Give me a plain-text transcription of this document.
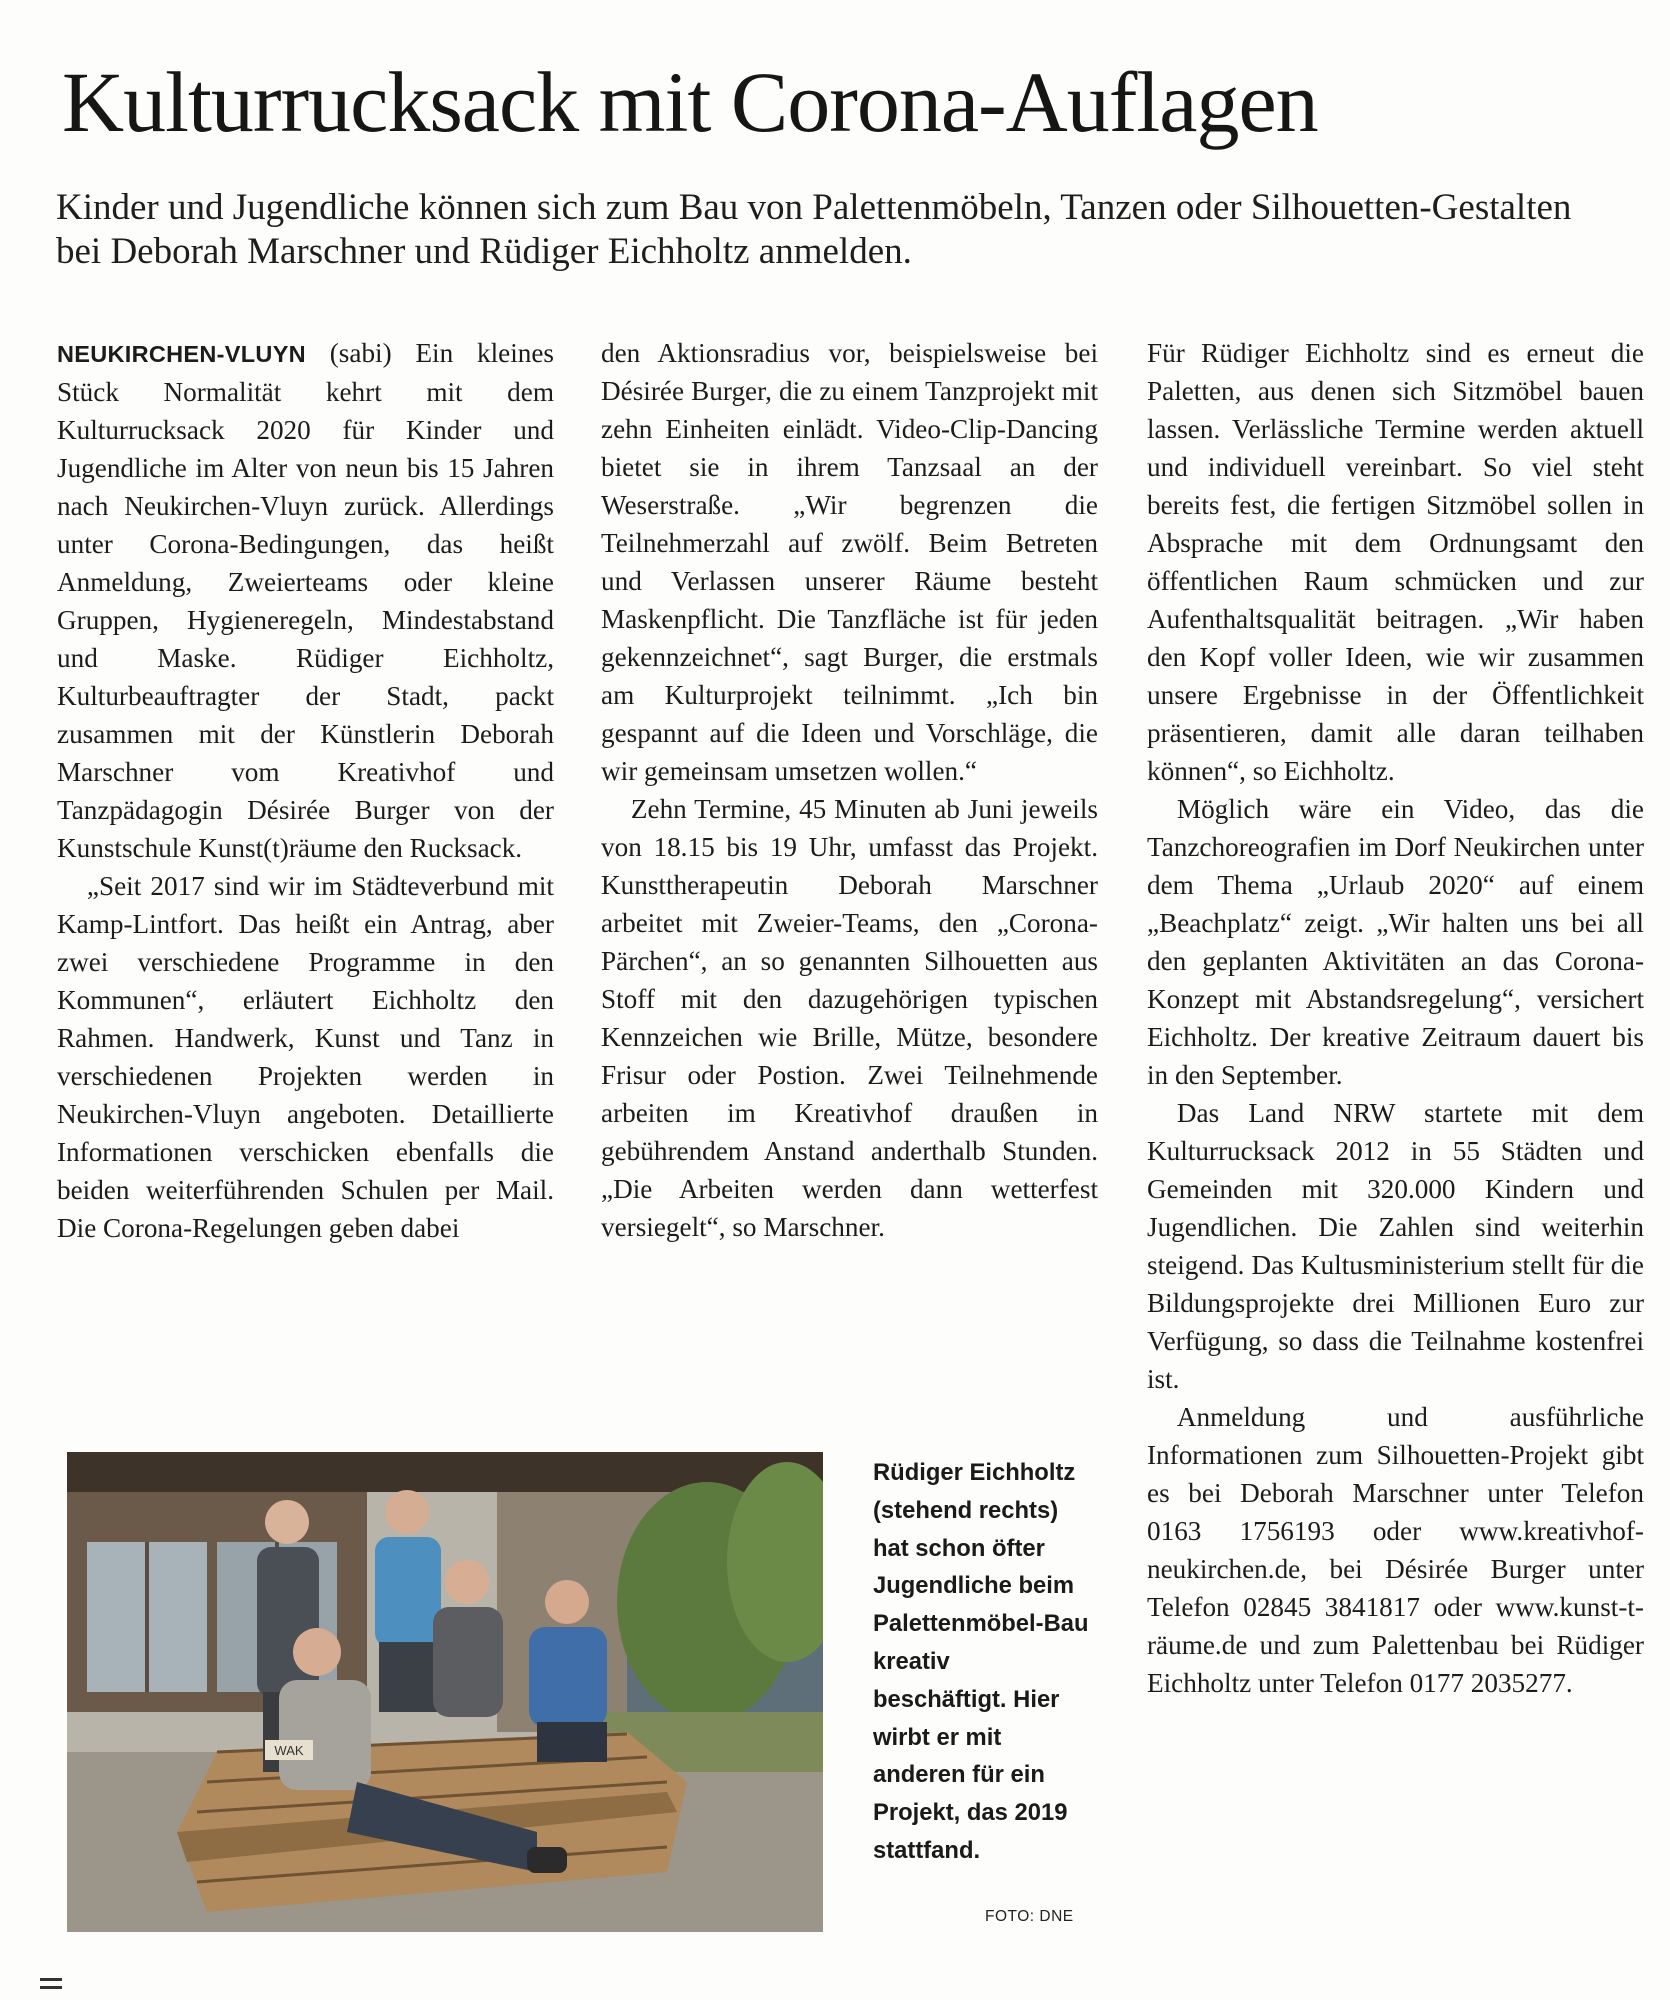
Kulturrucksack mit Corona-Auflagen

Kinder und Jugendliche können sich zum Bau von Palettenmöbeln, Tanzen oder Silhouetten-Gestalten bei Deborah Marschner und Rüdiger Eichholtz anmelden.

NEUKIRCHEN-VLUYN (sabi) Ein kleines Stück Normalität kehrt mit dem Kulturrucksack 2020 für Kinder und Jugendliche im Alter von neun bis 15 Jahren nach Neukirchen-Vluyn zurück. Allerdings unter Corona-Bedingungen, das heißt Anmeldung, Zweierteams oder kleine Gruppen, Hygieneregeln, Mindestabstand und Maske. Rüdiger Eichholtz, Kulturbeauftragter der Stadt, packt zusammen mit der Künstlerin Deborah Marschner vom Kreativhof und Tanzpädagogin Désirée Burger von der Kunstschule Kunst(t)räume den Rucksack.

„Seit 2017 sind wir im Städteverbund mit Kamp-Lintfort. Das heißt ein Antrag, aber zwei verschiedene Programme in den Kommunen“, erläutert Eichholtz den Rahmen. Handwerk, Kunst und Tanz in verschiedenen Projekten werden in Neukirchen-Vluyn angeboten. Detaillierte Informationen verschicken ebenfalls die beiden weiterführenden Schulen per Mail. Die Corona-Regelungen geben dabei

den Aktionsradius vor, beispielsweise bei Désirée Burger, die zu einem Tanzprojekt mit zehn Einheiten einlädt. Video-Clip-Dancing bietet sie in ihrem Tanzsaal an der Weserstraße. „Wir begrenzen die Teilnehmerzahl auf zwölf. Beim Betreten und Verlassen unserer Räume besteht Maskenpflicht. Die Tanzfläche ist für jeden gekennzeichnet“, sagt Burger, die erstmals am Kulturprojekt teilnimmt. „Ich bin gespannt auf die Ideen und Vorschläge, die wir gemeinsam umsetzen wollen.“

Zehn Termine, 45 Minuten ab Juni jeweils von 18.15 bis 19 Uhr, umfasst das Projekt. Kunsttherapeutin Deborah Marschner arbeitet mit Zweier-Teams, den „Corona-Pärchen“, an so genannten Silhouetten aus Stoff mit den dazugehörigen typischen Kennzeichen wie Brille, Mütze, besondere Frisur oder Postion. Zwei Teilnehmende arbeiten im Kreativhof draußen in gebührendem Anstand anderthalb Stunden. „Die Arbeiten werden dann wetterfest versiegelt“, so Marschner.

Für Rüdiger Eichholtz sind es erneut die Paletten, aus denen sich Sitzmöbel bauen lassen. Verlässliche Termine werden aktuell und individuell vereinbart. So viel steht bereits fest, die fertigen Sitzmöbel sollen in Absprache mit dem Ordnungsamt den öffentlichen Raum schmücken und zur Aufenthaltsqualität beitragen. „Wir haben den Kopf voller Ideen, wie wir zusammen unsere Ergebnisse in der Öffentlichkeit präsentieren, damit alle daran teilhaben können“, so Eichholtz.

Möglich wäre ein Video, das die Tanzchoreografien im Dorf Neukirchen unter dem Thema „Urlaub 2020“ auf einem „Beachplatz“ zeigt. „Wir halten uns bei all den geplanten Aktivitäten an das Corona-Konzept mit Abstandsregelung“, versichert Eichholtz. Der kreative Zeitraum dauert bis in den September.

Das Land NRW startete mit dem Kulturrucksack 2012 in 55 Städten und Gemeinden mit 320.000 Kindern und Jugendlichen. Die Zahlen sind weiterhin steigend. Das Kultusministerium stellt für die Bildungsprojekte drei Millionen Euro zur Verfügung, so dass die Teilnahme kostenfrei ist.

Anmeldung und ausführliche Informationen zum Silhouetten-Projekt gibt es bei Deborah Marschner unter Telefon 0163 1756193 oder www.kreativhof-neukirchen.de, bei Désirée Burger unter Telefon 02845 3841817 oder www.kunst-t-räume.de und zum Palettenbau bei Rüdiger Eichholtz unter Telefon 0177 2035277.

WAK
Rüdiger Eichholtz (stehend rechts) hat schon öfter Jugendliche beim Palettenmöbel-Bau kreativ beschäftigt. Hier wirbt er mit anderen für ein Projekt, das 2019 stattfand.
FOTO: DNE
